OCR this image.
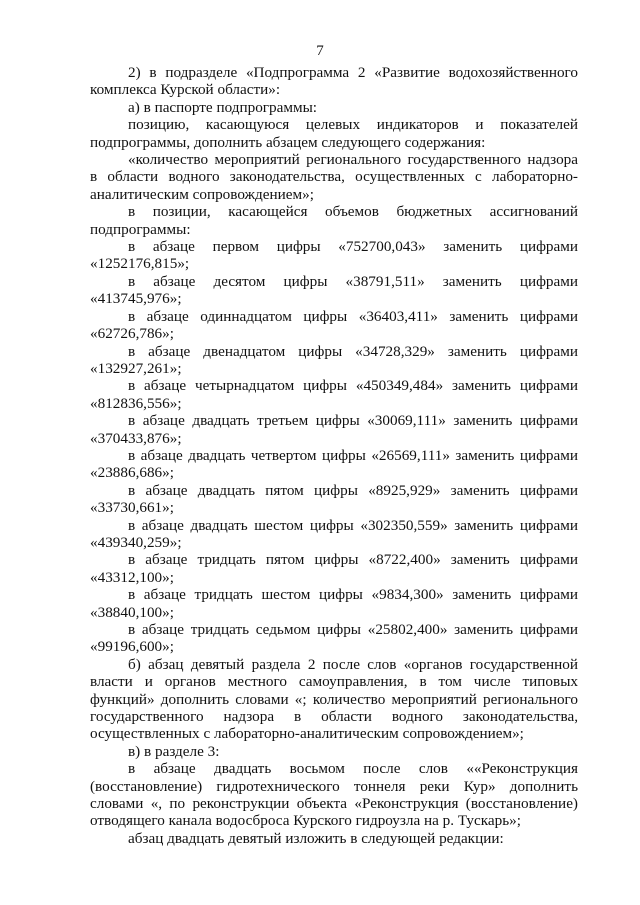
7

2) в подразделе «Подпрограмма 2 «Развитие водохозяйственного комплекса Курской области»:

а) в паспорте подпрограммы:

позицию, касающуюся целевых индикаторов и показателей подпрограммы, дополнить абзацем следующего содержания:

«количество мероприятий регионального государственного надзора в области водного законодательства, осуществленных с лабораторно-аналитическим сопровождением»;

в позиции, касающейся объемов бюджетных ассигнований подпрограммы:

в абзаце первом цифры «752700,043» заменить цифрами «1252176,815»;

в абзаце десятом цифры «38791,511» заменить цифрами «413745,976»;

в абзаце одиннадцатом цифры «36403,411» заменить цифрами «62726,786»;

в абзаце двенадцатом цифры «34728,329» заменить цифрами «132927,261»;

в абзаце четырнадцатом цифры «450349,484» заменить цифрами «812836,556»;

в абзаце двадцать третьем цифры «30069,111» заменить цифрами «370433,876»;

в абзаце двадцать четвертом цифры «26569,111» заменить цифрами «23886,686»;

в абзаце двадцать пятом цифры «8925,929» заменить цифрами «33730,661»;

в абзаце двадцать шестом цифры «302350,559» заменить цифрами «439340,259»;

в абзаце тридцать пятом цифры «8722,400» заменить цифрами «43312,100»;

в абзаце тридцать шестом цифры «9834,300» заменить цифрами «38840,100»;

в абзаце тридцать седьмом цифры «25802,400» заменить цифрами «99196,600»;

б) абзац девятый раздела 2 после слов «органов государственной власти и органов местного самоуправления, в том числе типовых функций» дополнить словами «; количество мероприятий регионального государственного надзора в области водного законодательства, осуществленных с лабораторно-аналитическим сопровождением»;

в) в разделе 3:

в абзаце двадцать восьмом после слов ««Реконструкция (восстановление) гидротехнического тоннеля реки Кур» дополнить словами «, по реконструкции объекта «Реконструкция (восстановление) отводящего канала водосброса Курского гидроузла на р. Тускарь»;

абзац двадцать девятый изложить в следующей редакции:
